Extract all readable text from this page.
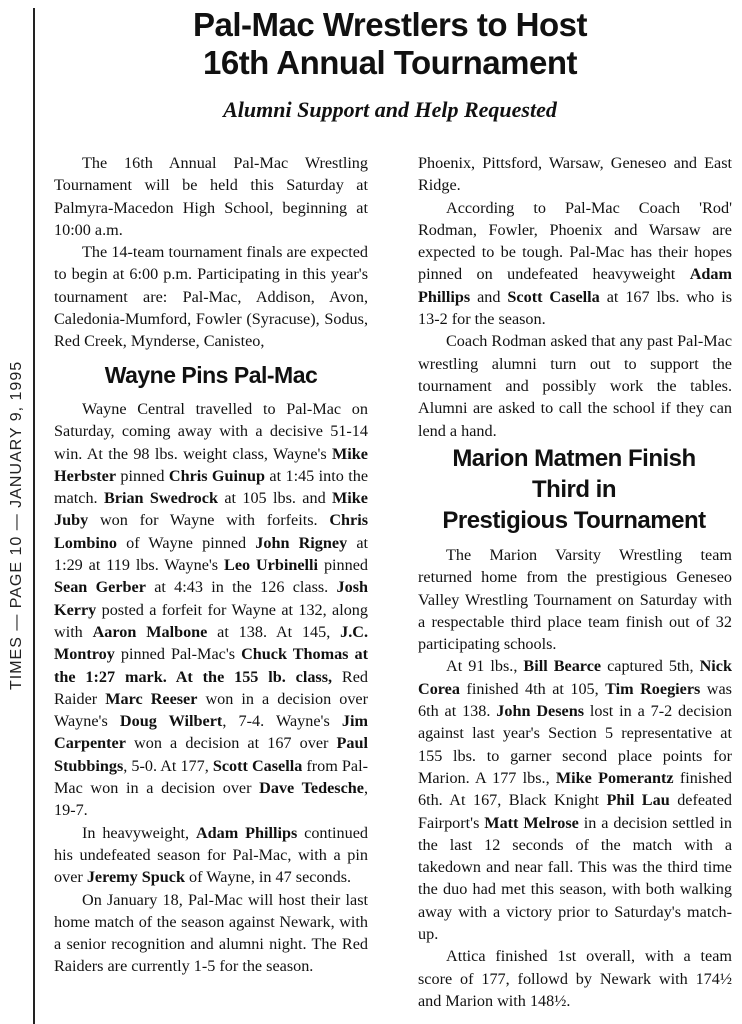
TIMES — PAGE 10 — JANUARY 9, 1995
Pal-Mac Wrestlers to Host
16th Annual Tournament
Alumni Support and Help Requested

The 16th Annual Pal-Mac Wrestling Tournament will be held this Saturday at Palmyra-Macedon High School, beginning at 10:00 a.m.

The 14-team tournament finals are expected to begin at 6:00 p.m. Participating in this year's tournament are: Pal-Mac, Addison, Avon, Caledonia-Mumford, Fowler (Syracuse), Sodus, Red Creek, Mynderse, Canisteo,

Phoenix, Pittsford, Warsaw, Geneseo and East Ridge.

According to Pal-Mac Coach 'Rod' Rodman, Fowler, Phoenix and Warsaw are expected to be tough. Pal-Mac has their hopes pinned on undefeated heavyweight Adam Phillips and Scott Casella at 167 lbs. who is 13-2 for the season.

Coach Rodman asked that any past Pal-Mac wrestling alumni turn out to support the tournament and possibly work the tables. Alumni are asked to call the school if they can lend a hand.

Wayne Pins Pal-Mac

Wayne Central travelled to Pal-Mac on Saturday, coming away with a decisive 51-14 win. At the 98 lbs. weight class, Wayne's Mike Herbster pinned Chris Guinup at 1:45 into the match. Brian Swedrock at 105 lbs. and Mike Juby won for Wayne with forfeits. Chris Lombino of Wayne pinned John Rigney at 1:29 at 119 lbs. Wayne's Leo Urbinelli pinned Sean Gerber at 4:43 in the 126 class. Josh Kerry posted a forfeit for Wayne at 132, along with Aaron Malbone at 138. At 145, J.C. Montroy pinned Pal-Mac's Chuck Thomas at the 1:27 mark. At the 155 lb. class, Red Raider Marc Reeser won in a decision over Wayne's Doug Wilbert, 7-4. Wayne's Jim Carpenter won a decision at 167 over Paul Stubbings, 5-0. At 177, Scott Casella from Pal-Mac won in a decision over Dave Tedesche, 19-7.

In heavyweight, Adam Phillips continued his undefeated season for Pal-Mac, with a pin over Jeremy Spuck of Wayne, in 47 seconds.

On January 18, Pal-Mac will host their last home match of the season against Newark, with a senior recognition and alumni night. The Red Raiders are currently 1-5 for the season.

Marion Matmen Finish
Third in
Prestigious Tournament

The Marion Varsity Wrestling team returned home from the prestigious Geneseo Valley Wrestling Tournament on Saturday with a respectable third place team finish out of 32 participating schools.

At 91 lbs., Bill Bearce captured 5th, Nick Corea finished 4th at 105, Tim Roegiers was 6th at 138. John Desens lost in a 7-2 decision against last year's Section 5 representative at 155 lbs. to garner second place points for Marion. A 177 lbs., Mike Pomerantz finished 6th. At 167, Black Knight Phil Lau defeated Fairport's Matt Melrose in a decision settled in the last 12 seconds of the match with a takedown and near fall. This was the third time the duo had met this season, with both walking away with a victory prior to Saturday's match-up.

Attica finished 1st overall, with a team score of 177, followd by Newark with 174½ and Marion with 148½.
